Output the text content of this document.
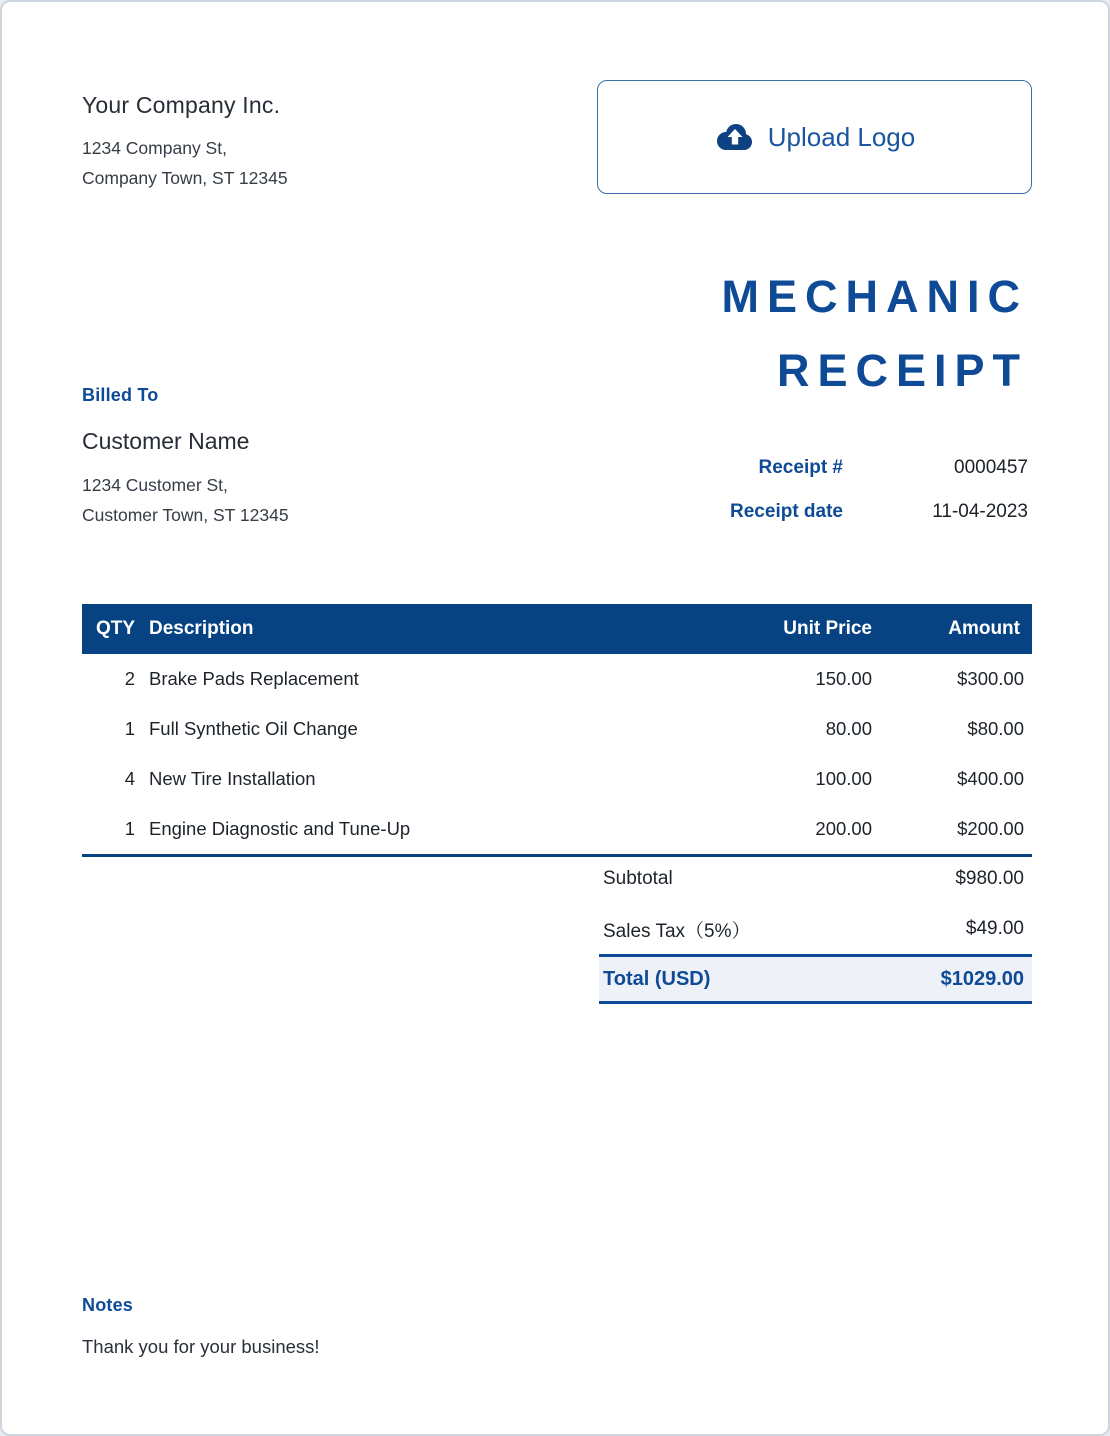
Your Company Inc.
1234 Company St,
Company Town, ST 12345
Upload Logo
MECHANIC
RECEIPT
Billed To
Customer Name
1234 Customer St,
Customer Town, ST 12345
Receipt #	0000457
Receipt date	11-04-2023
QTY Description	Unit Price	Amount
2 Brake Pads Replacement	150.00	$300.00
1 Full Synthetic Oil Change	80.00	$80.00
4 New Tire Installation	100.00	$400.00
1 Engine Diagnostic and Tune-Up	200.00	$200.00
Subtotal	$980.00
Sales Tax（5%）	$49.00
Total (USD)	$1029.00
Notes
Thank you for your business!
